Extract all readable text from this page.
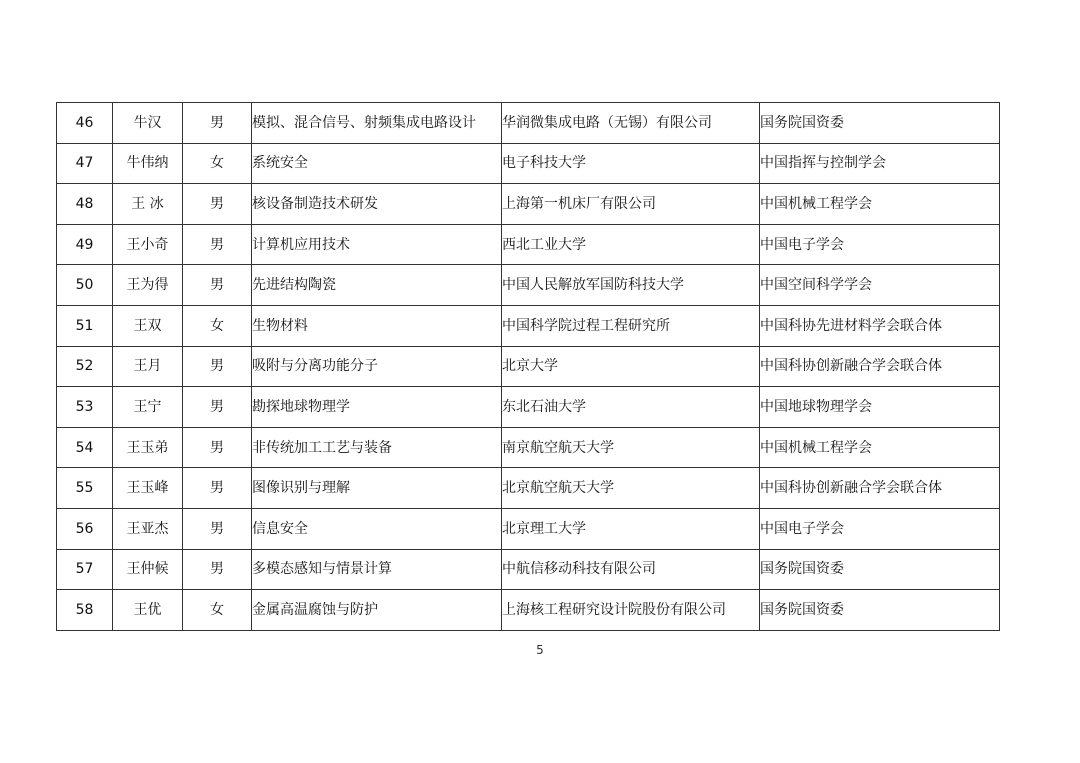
46	牛汉	男	模拟、混合信号、射频集成电路设计	华润微集成电路（无锡）有限公司	国务院国资委
47	牛伟纳	女	系统安全	电子科技大学	中国指挥与控制学会
48	王 冰	男	核设备制造技术研发	上海第一机床厂有限公司	中国机械工程学会
49	王小奇	男	计算机应用技术	西北工业大学	中国电子学会
50	王为得	男	先进结构陶瓷	中国人民解放军国防科技大学	中国空间科学学会
51	王双	女	生物材料	中国科学院过程工程研究所	中国科协先进材料学会联合体
52	王月	男	吸附与分离功能分子	北京大学	中国科协创新融合学会联合体
53	王宁	男	勘探地球物理学	东北石油大学	中国地球物理学会
54	王玉弟	男	非传统加工工艺与装备	南京航空航天大学	中国机械工程学会
55	王玉峰	男	图像识别与理解	北京航空航天大学	中国科协创新融合学会联合体
56	王亚杰	男	信息安全	北京理工大学	中国电子学会
57	王仲候	男	多模态感知与情景计算	中航信移动科技有限公司	国务院国资委
58	王优	女	金属高温腐蚀与防护	上海核工程研究设计院股份有限公司	国务院国资委
5
